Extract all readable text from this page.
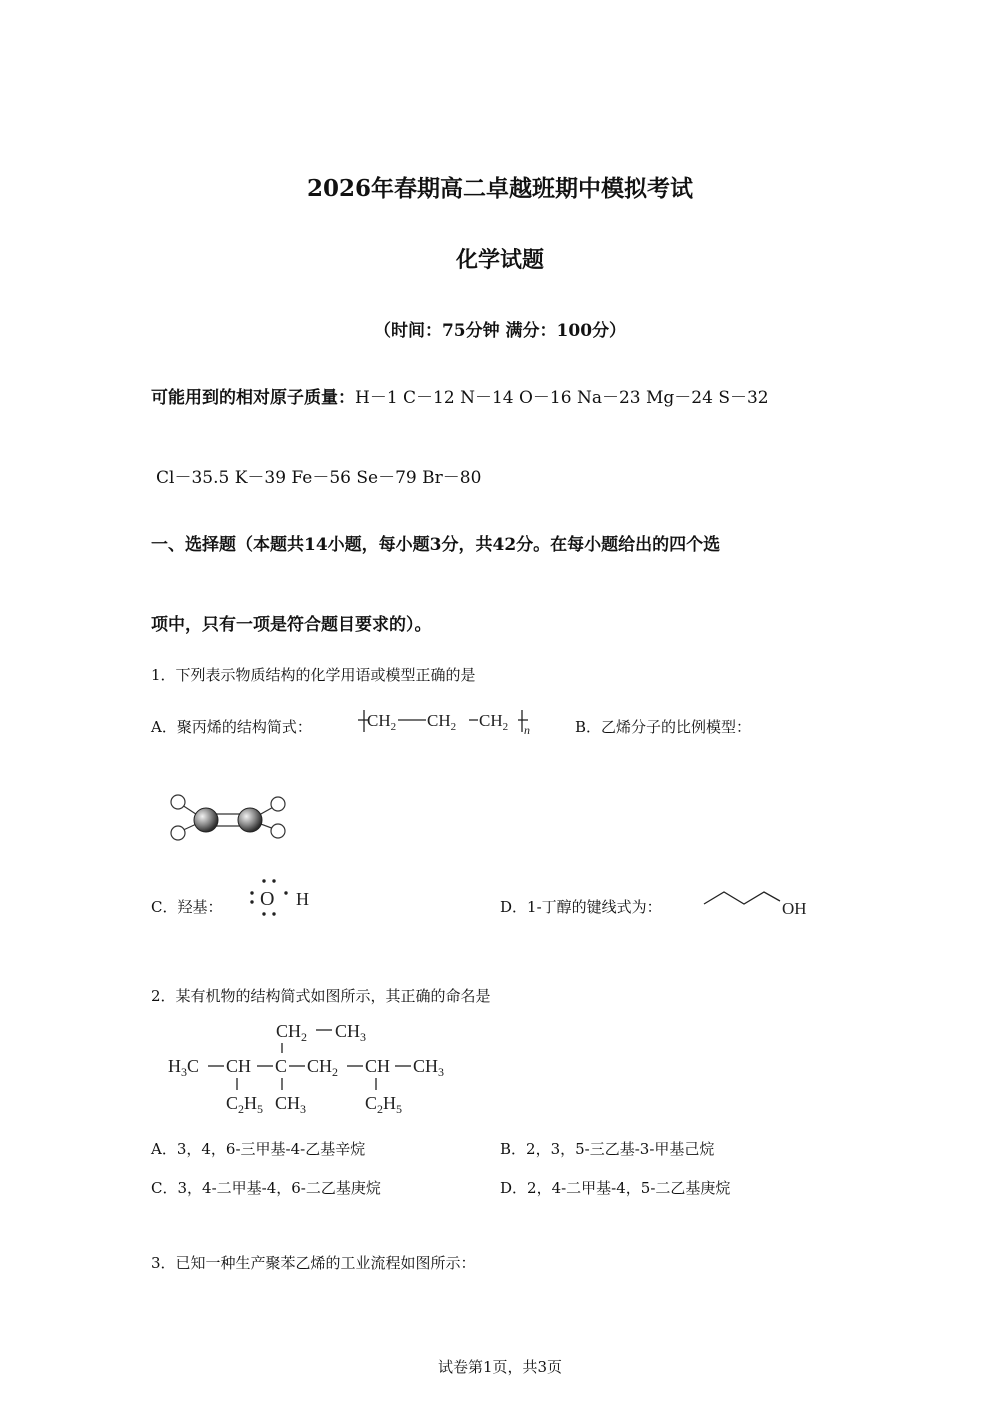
2026年春期高二卓越班期中模拟考试
化学试题
（时间：75分钟 满分：100分）
可能用到的相对原子质量：H－1 C－12 N－14 O－16 Na－23 Mg－24 S－32
Cl－35.5 K－39 Fe－56 Se－79 Br－80
一、选择题（本题共14小题，每小题3分，共42分。在每小题给出的四个选
项中，只有一项是符合题目要求的）。
1．下列表示物质结构的化学用语或模型正确的是
A．聚丙烯的结构简式：	$CH_2$ $CH_2$ $CH_2$ n	B．乙烯分子的比例模型：
C．羟基： O H	D．1-丁醇的键线式为：	OH
2．某有机物的结构简式如图所示，其正确的命名是
$CH_2$ $CH_3$
$H_3C$ CH C $CH_2$ CH $CH_3$
$C_2H_5$ $CH_3$	$C_2H_5$
A．3，4，6-三甲基-4-乙基辛烷	B．2，3，5-三乙基-3-甲基己烷
C．3，4-二甲基-4，6-二乙基庚烷	D．2，4-二甲基-4，5-二乙基庚烷
3．已知一种生产聚苯乙烯的工业流程如图所示：
试卷第1页，共3页
